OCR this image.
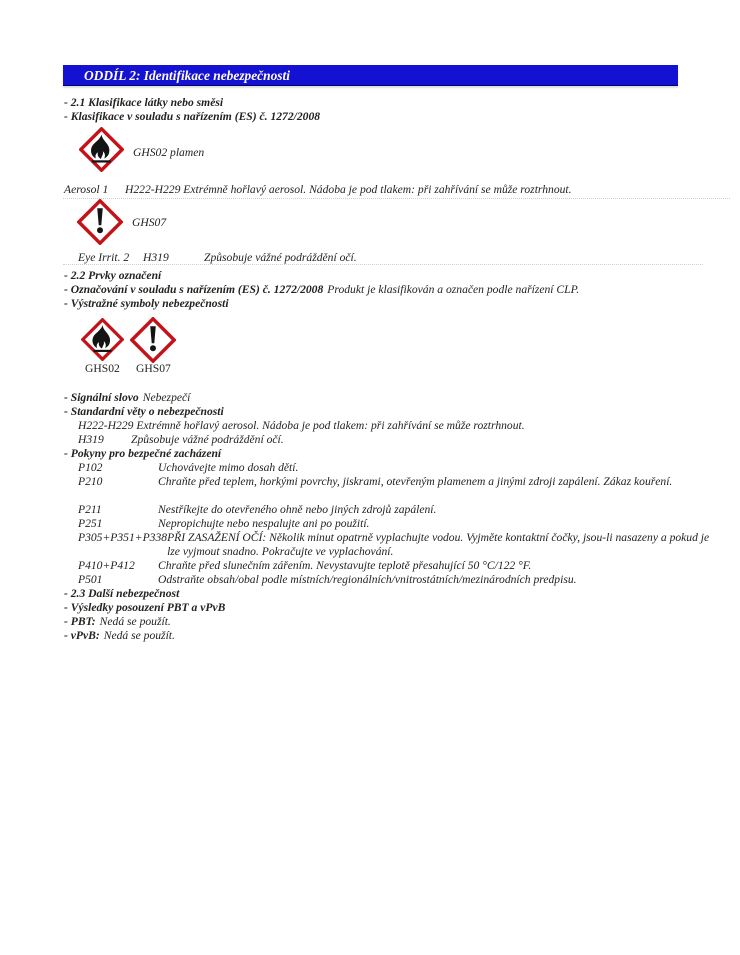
ODDÍL 2: Identifikace nebezpečnosti
- 2.1 Klasifikace látky nebo směsi
- Klasifikace v souladu s nařízením (ES) č. 1272/2008
GHS02 plamen
Aerosol 1	H222-H229 Extrémně hořlavý aerosol. Nádoba je pod tlakem: při zahřívání se může roztrhnout.
GHS07
Eye Irrit. 2	H319	Způsobuje vážné podráždění očí.
- 2.2 Prvky označení
- Označování v souladu s nařízením (ES) č. 1272/2008 Produkt je klasifikován a označen podle nařízení CLP.
- Výstražné symboly nebezpečnosti
GHS02 GHS07
- Signální slovo Nebezpečí
- Standardní věty o nebezpečnosti
H222-H229 Extrémně hořlavý aerosol. Nádoba je pod tlakem: při zahřívání se může roztrhnout.
H319	Způsobuje vážné podráždění očí.
- Pokyny pro bezpečné zacházení
P102	Uchovávejte mimo dosah dětí.
P210	Chraňte před teplem, horkými povrchy, jiskrami, otevřeným plamenem a jinými zdroji zapálení. Zákaz kouření.
P211	Nestříkejte do otevřeného ohně nebo jiných zdrojů zapálení.
P251	Nepropichujte nebo nespalujte ani po použití.
P305+P351+P338 PŘI ZASAŽENÍ OČÍ: Několik minut opatrně vyplachujte vodou. Vyjměte kontaktní čočky, jsou-li nasazeny a pokud je lze vyjmout snadno. Pokračujte ve vyplachování.
P410+P412	Chraňte před slunečním zářením. Nevystavujte teplotě přesahující 50 °C/122 °F.
P501	Odstraňte obsah/obal podle místních/regionálních/vnitrostátních/mezinárodních predpisu.
- 2.3 Další nebezpečnost
- Výsledky posouzení PBT a vPvB
- PBT: Nedá se použít.
- vPvB: Nedá se použít.
